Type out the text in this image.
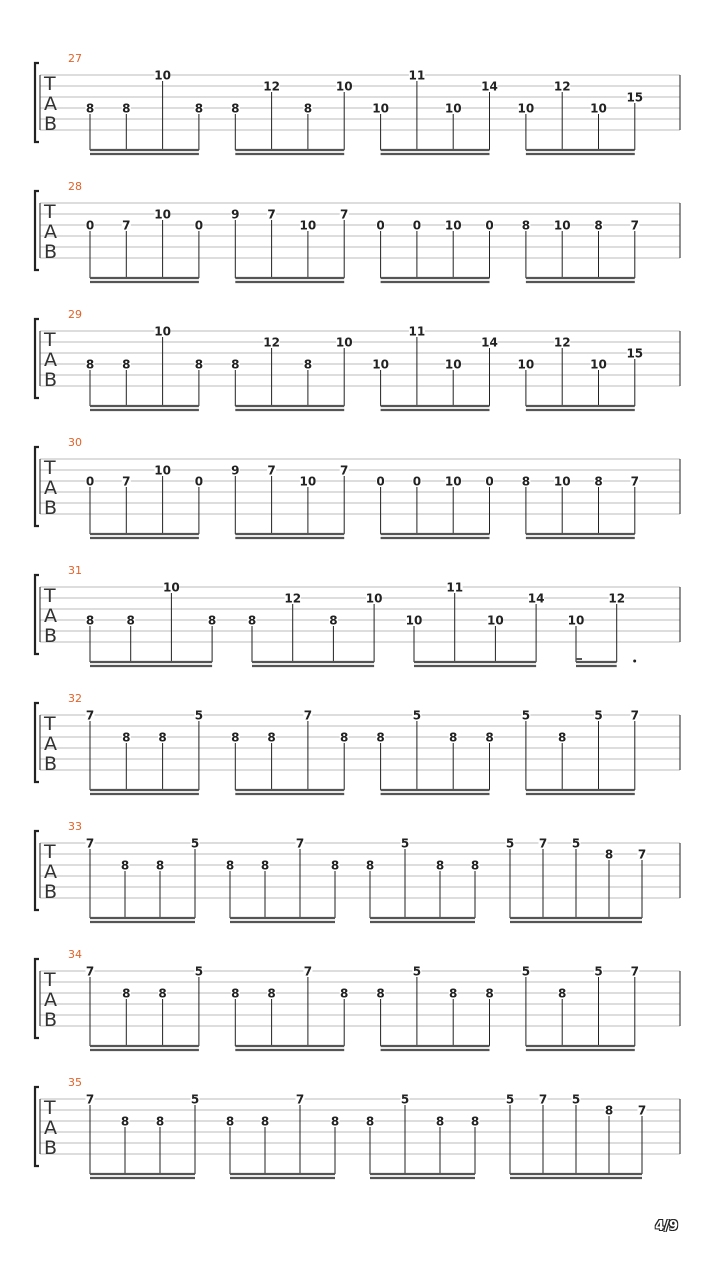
27
T
A
B
8 8
10
8 8
12
8
10
10
11
10
14
10
12
10
15
28
T
A
B
0 7
10
0
9 7
10
7
0 0 10 0 8 10 8 7
29
T
A
B
8 8
10
8 8
12
8
10
10
11
10
14
10
12
10
15
30
T
A
B
0 7
10
0
9 7
10
7
0 0 10 0 8 10 8 7
31
T
A
B
8	8
10
8	8
12
8
10
10
11
10
14
10
12
32
T
A
B
7
8 8
5
8 8
7
8 8
5
8 8
5
8
5 7
33
T
A
B
7
8 8
5
8 8
7
8 8
5
8 8
5 7 5
8 7
34
T
A
B
7
8 8
5
8 8
7
8 8
5
8 8
5
8
5 7
35
T
A
B
7
8 8
5
8 8
7
8 8
5
8 8
5 7 5
8 7
4/9
